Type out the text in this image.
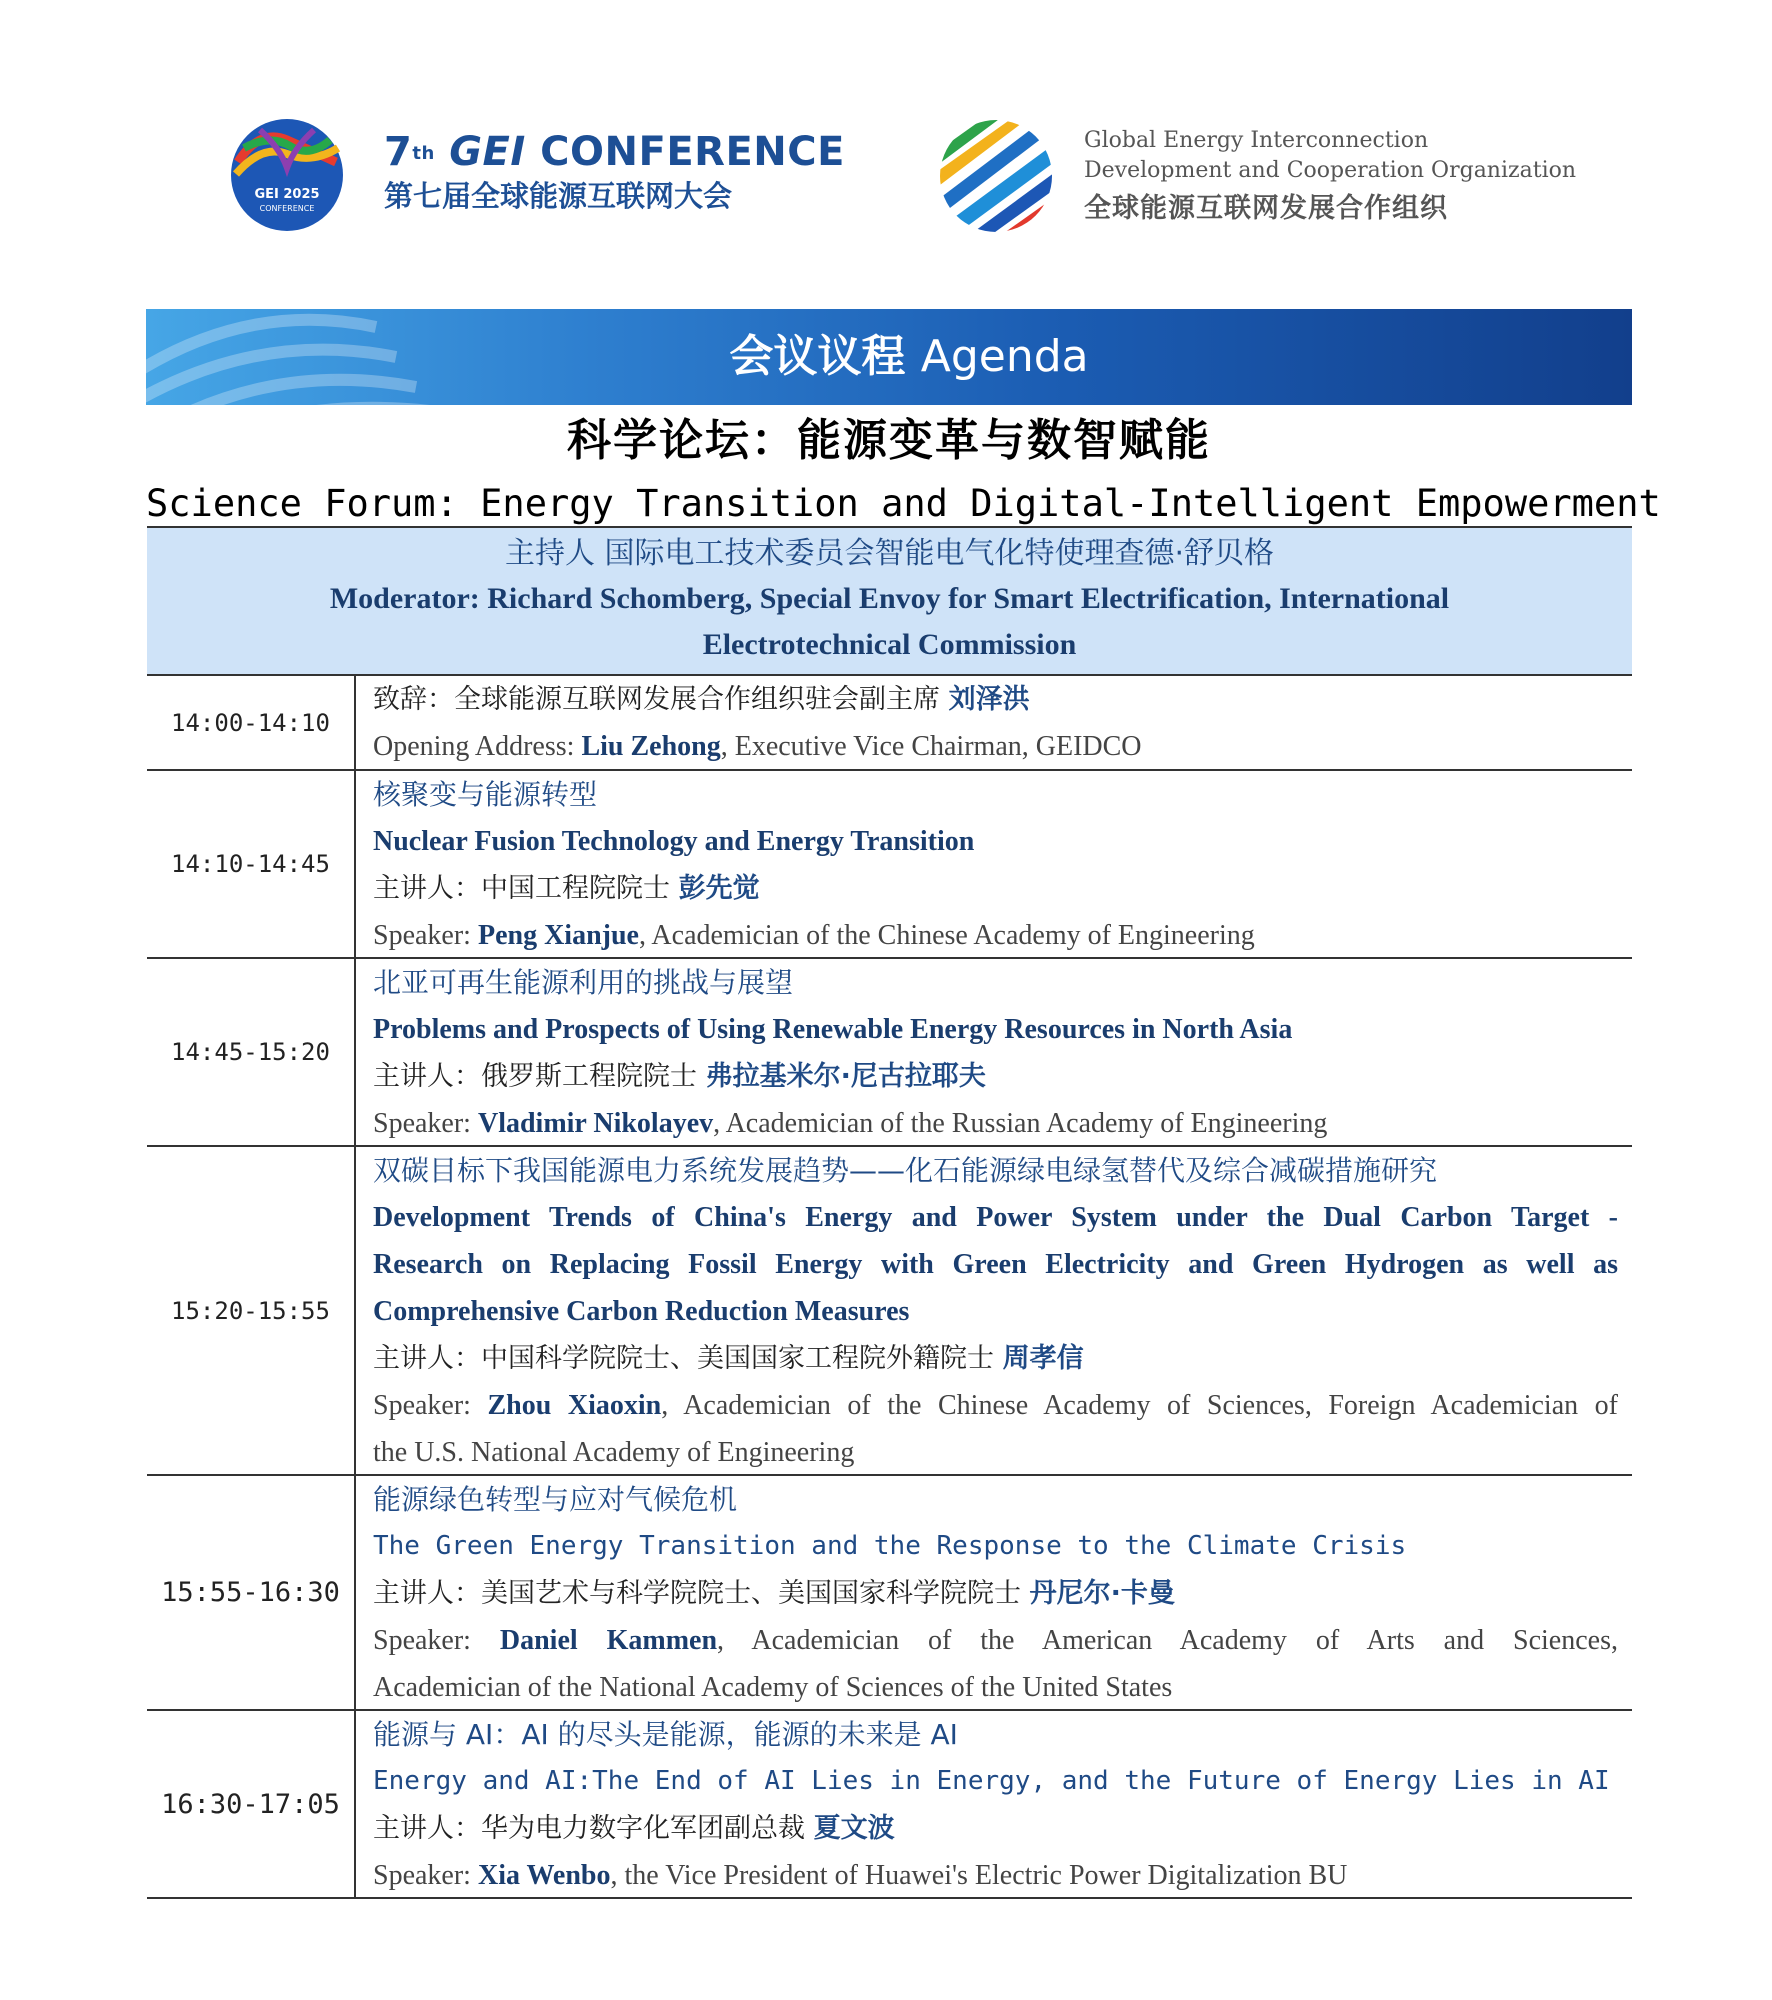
GEI 2025
CONFERENCE
7th GEI CONFERENCE
第七届全球能源互联网大会
Global Energy Interconnection
Development and Cooperation Organization
全球能源互联网发展合作组织
会议议程 Agenda
科学论坛：能源变革与数智赋能
Science Forum: Energy Transition and Digital-Intelligent Empowerment
主持人 国际电工技术委员会智能电气化特使理查德·舒贝格
Moderator: Richard Schomberg, Special Envoy for Smart Electrification, International
Electrotechnical Commission
14:00-14:10
致辞：全球能源互联网发展合作组织驻会副主席 刘泽洪
Opening Address: Liu Zehong, Executive Vice Chairman, GEIDCO
14:10-14:45
核聚变与能源转型
Nuclear Fusion Technology and Energy Transition
主讲人：中国工程院院士 彭先觉
Speaker: Peng Xianjue, Academician of the Chinese Academy of Engineering
14:45-15:20
北亚可再生能源利用的挑战与展望
Problems and Prospects of Using Renewable Energy Resources in North Asia
主讲人：俄罗斯工程院院士 弗拉基米尔·尼古拉耶夫
Speaker: Vladimir Nikolayev, Academician of the Russian Academy of Engineering
15:20-15:55
双碳目标下我国能源电力系统发展趋势——化石能源绿电绿氢替代及综合减碳措施研究
Development Trends of China's Energy and Power System under the Dual Carbon Target -
Research on Replacing Fossil Energy with Green Electricity and Green Hydrogen as well as
Comprehensive Carbon Reduction Measures
主讲人：中国科学院院士、美国国家工程院外籍院士 周孝信
Speaker: Zhou Xiaoxin, Academician of the Chinese Academy of Sciences, Foreign Academician of
the U.S. National Academy of Engineering
15:55-16:30
能源绿色转型与应对气候危机
The Green Energy Transition and the Response to the Climate Crisis
主讲人：美国艺术与科学院院士、美国国家科学院院士 丹尼尔·卡曼
Speaker: Daniel Kammen, Academician of the American Academy of Arts and Sciences,
Academician of the National Academy of Sciences of the United States
16:30-17:05
能源与 AI：AI 的尽头是能源，能源的未来是 AI
Energy and AI:The End of AI Lies in Energy, and the Future of Energy Lies in AI
主讲人：华为电力数字化军团副总裁 夏文波
Speaker: Xia Wenbo, the Vice President of Huawei's Electric Power Digitalization BU
